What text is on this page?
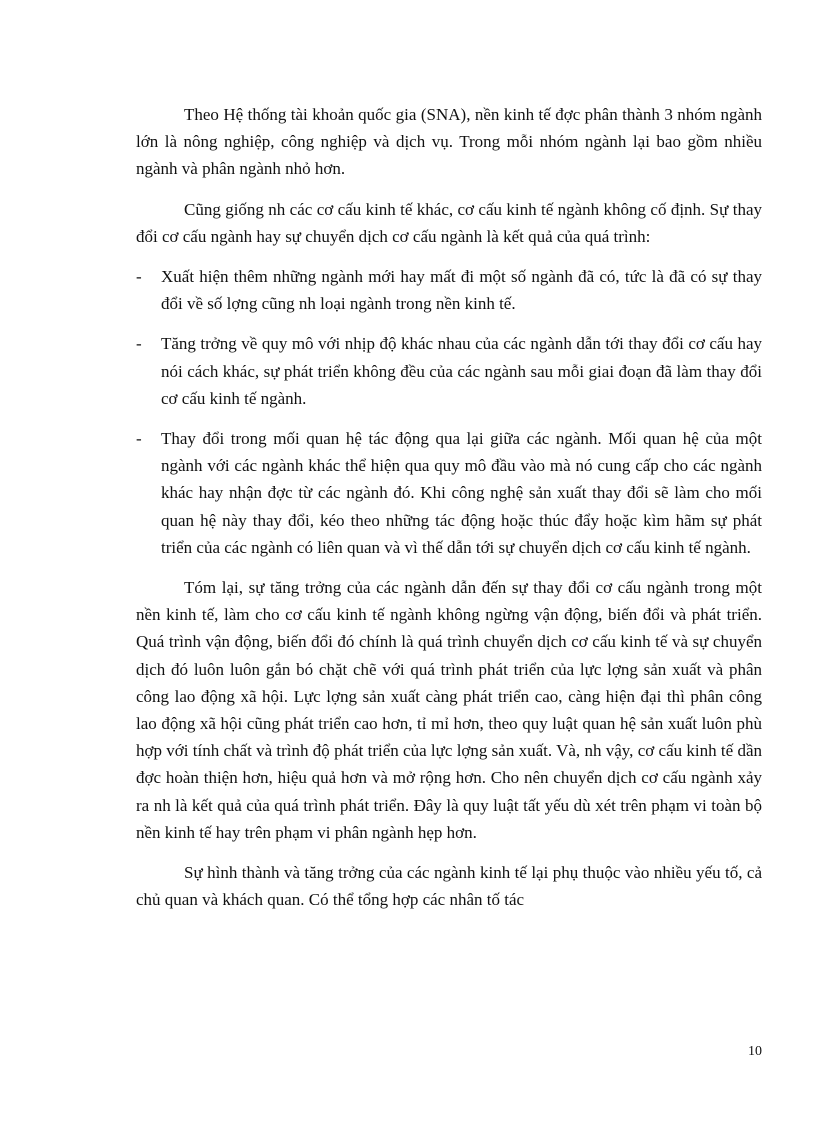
Theo Hệ thống tài khoản quốc gia (SNA), nền kinh tế đợc phân thành 3 nhóm ngành lớn là nông nghiệp, công nghiệp và dịch vụ. Trong mỗi nhóm ngành lại bao gồm nhiều ngành và phân ngành nhỏ hơn.

Cũng giống nh các cơ cấu kinh tế khác, cơ cấu kinh tế ngành không cố định. Sự thay đổi cơ cấu ngành hay sự chuyển dịch cơ cấu ngành là kết quả của quá trình:

- Xuất hiện thêm những ngành mới hay mất đi một số ngành đã có, tức là đã có sự thay đổi về số lợng cũng nh loại ngành trong nền kinh tế.
- Tăng trởng về quy mô với nhịp độ khác nhau của các ngành dẫn tới thay đổi cơ cấu hay nói cách khác, sự phát triển không đều của các ngành sau mỗi giai đoạn đã làm thay đổi cơ cấu kinh tế ngành.
- Thay đổi trong mối quan hệ tác động qua lại giữa các ngành. Mối quan hệ của một ngành với các ngành khác thể hiện qua quy mô đầu vào mà nó cung cấp cho các ngành khác hay nhận đợc từ các ngành đó. Khi công nghệ sản xuất thay đổi sẽ làm cho mối quan hệ này thay đổi, kéo theo những tác động hoặc thúc đẩy hoặc kìm hãm sự phát triển của các ngành có liên quan và vì thế dẫn tới sự chuyển dịch cơ cấu kinh tế ngành.

Tóm lại, sự tăng trởng của các ngành dẫn đến sự thay đổi cơ cấu ngành trong một nền kinh tế, làm cho cơ cấu kinh tế ngành không ngừng vận động, biến đổi và phát triển. Quá trình vận động, biến đổi đó chính là quá trình chuyển dịch cơ cấu kinh tế và sự chuyển dịch đó luôn luôn gắn bó chặt chẽ với quá trình phát triển của lực lợng sản xuất và phân công lao động xã hội. Lực lợng sản xuất càng phát triển cao, càng hiện đại thì phân công lao động xã hội cũng phát triển cao hơn, tỉ mỉ hơn, theo quy luật quan hệ sản xuất luôn phù hợp với tính chất và trình độ phát triển của lực lợng sản xuất. Và, nh vậy, cơ cấu kinh tế dần đợc hoàn thiện hơn, hiệu quả hơn và mở rộng hơn. Cho nên chuyển dịch cơ cấu ngành xảy ra nh là kết quả của quá trình phát triển. Đây là quy luật tất yếu dù xét trên phạm vi toàn bộ nền kinh tế hay trên phạm vi phân ngành hẹp hơn.

Sự hình thành và tăng trởng của các ngành kinh tế lại phụ thuộc vào nhiều yếu tố, cả chủ quan và khách quan. Có thể tổng hợp các nhân tố tác

10
